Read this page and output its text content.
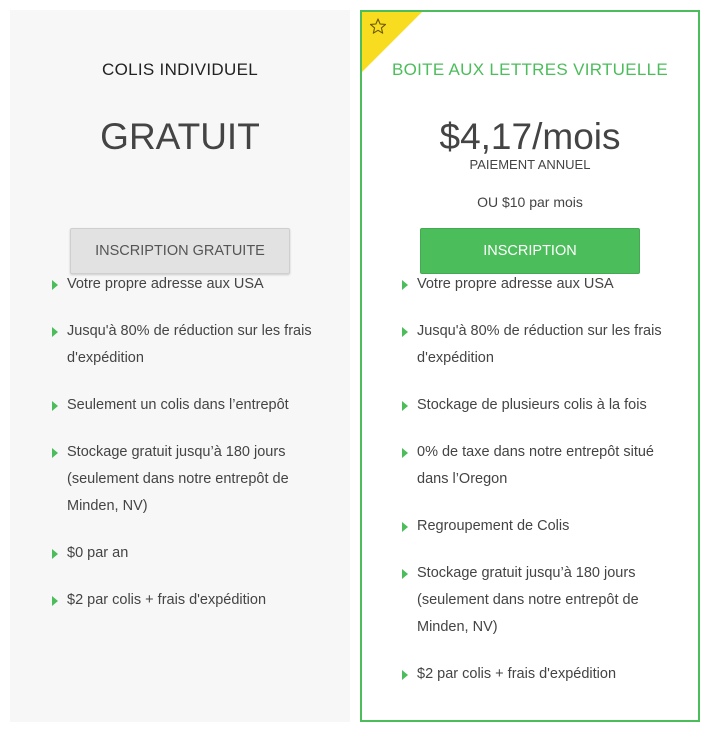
COLIS INDIVIDUEL
GRATUIT
INSCRIPTION GRATUITE
Votre propre adresse aux USA
Jusqu'à 80% de réduction sur les frais d'expédition
Seulement un colis dans l’entrepôt
Stockage gratuit jusqu’à 180 jours (seulement dans notre entrepôt de Minden, NV)
$0 par an
$2 par colis + frais d'expédition
BOITE AUX LETTRES VIRTUELLE
$4,17/mois
PAIEMENT ANNUEL
OU $10 par mois
INSCRIPTION
Votre propre adresse aux USA
Jusqu'à 80% de réduction sur les frais d'expédition
Stockage de plusieurs colis à la fois
0% de taxe dans notre entrepôt situé dans l’Oregon
Regroupement de Colis
Stockage gratuit jusqu’à 180 jours (seulement dans notre entrepôt de Minden, NV)
$2 par colis + frais d'expédition
